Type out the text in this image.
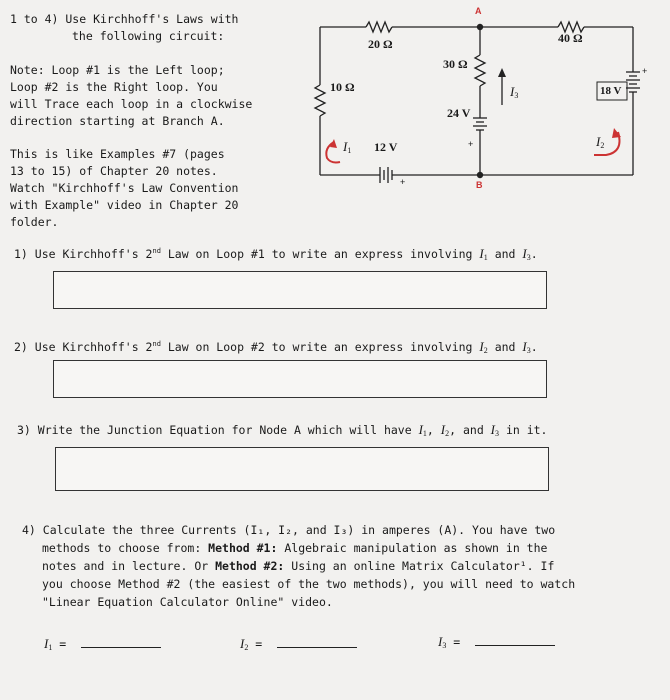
1 to 4) Use Kirchhoff's Laws with
the following circuit:
Note: Loop #1 is the Left loop;
Loop #2 is the Right loop. You
will Trace each loop in a clockwise
direction starting at Branch A.
This is like Examples #7 (pages
13 to 15) of Chapter 20 notes.
Watch "Kirchhoff's Law Convention
with Example" video in Chapter 20
folder.
A
B
20 Ω
30 Ω
40 Ω
10 Ω
12 V
24 V
18 V
+
+
+
$I_1$
$I_2$
$I_3$
1) Use Kirchhoff's 2nd Law on Loop #1 to write an express involving $I_1$ and $I_3$.
2) Use Kirchhoff's 2nd Law on Loop #2 to write an express involving $I_2$ and $I_3$.
3) Write the Junction Equation for Node A which will have $I_1$, $I_2$, and $I_3$ in it.
4) Calculate the three Currents (I₁, I₂, and I₃) in amperes (A). You have two
methods to choose from: Method #1: Algebraic manipulation as shown in the
notes and in lecture. Or Method #2: Using an online Matrix Calculator¹. If
you choose Method #2 (the easiest of the two methods), you will need to watch
"Linear Equation Calculator Online" video.
$I_1$ =	$I_2$ =	$I_3$ =
